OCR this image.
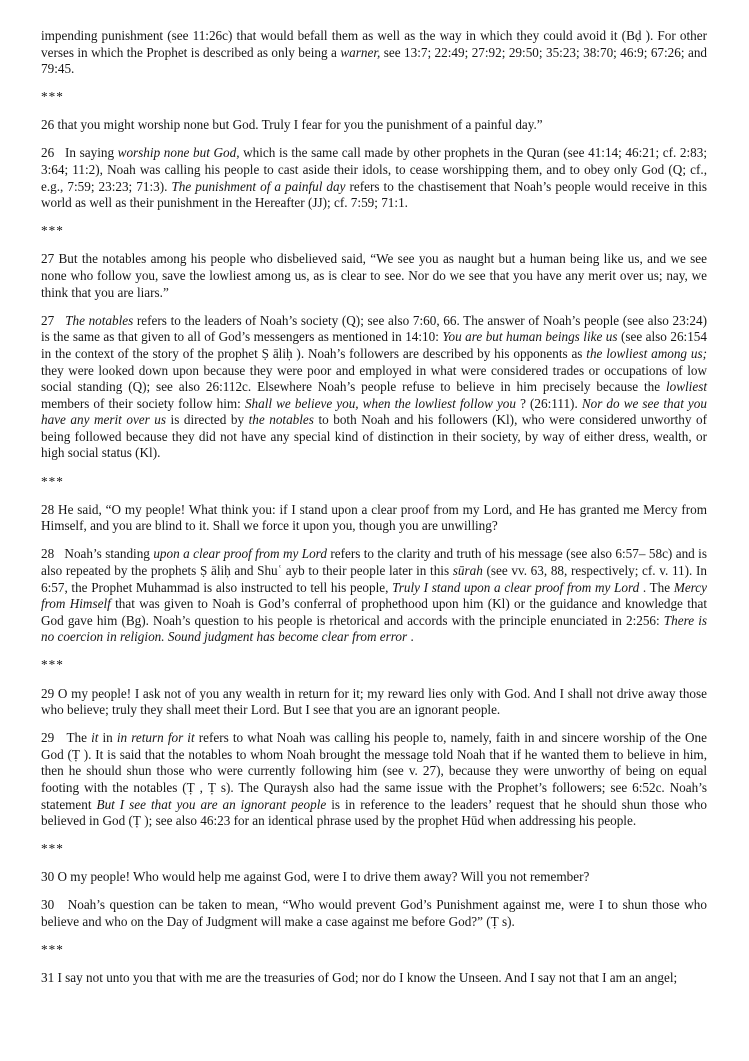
impending punishment (see 11:26c) that would befall them as well as the way in which they could avoid it (Bḍ ). For other verses in which the Prophet is described as only being a warner, see 13:7; 22:49; 27:92; 29:50; 35:23; 38:70; 46:9; 67:26; and 79:45.

***

26 that you might worship none but God. Truly I fear for you the punishment of a painful day.”

26   In saying worship none but God, which is the same call made by other prophets in the Quran (see 41:14; 46:21; cf. 2:83; 3:64; 11:2), Noah was calling his people to cast aside their idols, to cease worshipping them, and to obey only God (Q; cf., e.g., 7:59; 23:23; 71:3). The punishment of a painful day refers to the chastisement that Noah’s people would receive in this world as well as their punishment in the Hereafter (JJ); cf. 7:59; 71:1.

***

27 But the notables among his people who disbelieved said, “We see you as naught but a human being like us, and we see none who follow you, save the lowliest among us, as is clear to see. Nor do we see that you have any merit over us; nay, we think that you are liars.”

27   The notables refers to the leaders of Noah’s society (Q); see also 7:60, 66. The answer of Noah’s people (see also 23:24) is the same as that given to all of God’s messengers as mentioned in 14:10: You are but human beings like us (see also 26:154 in the context of the story of the prophet Ṣ āliḥ ). Noah’s followers are described by his opponents as the lowliest among us; they were looked down upon because they were poor and employed in what were considered trades or occupations of low social standing (Q); see also 26:112c. Elsewhere Noah’s people refuse to believe in him precisely because the lowliest members of their society follow him: Shall we believe you, when the lowliest follow you ? (26:111). Nor do we see that you have any merit over us is directed by the notables to both Noah and his followers (Kl), who were considered unworthy of being followed because they did not have any special kind of distinction in their society, by way of either dress, wealth, or high social status (Kl).

***

28 He said, “O my people! What think you: if I stand upon a clear proof from my Lord, and He has granted me Mercy from Himself, and you are blind to it. Shall we force it upon you, though you are unwilling?

28   Noah’s standing upon a clear proof from my Lord refers to the clarity and truth of his message (see also 6:57– 58c) and is also repeated by the prophets Ṣ āliḥ and Shuʿ ayb to their people later in this sūrah (see vv. 63, 88, respectively; cf. v. 11). In 6:57, the Prophet Muhammad is also instructed to tell his people, Truly I stand upon a clear proof from my Lord . The Mercy from Himself that was given to Noah is God’s conferral of prophethood upon him (Kl) or the guidance and knowledge that God gave him (Bg). Noah’s question to his people is rhetorical and accords with the principle enunciated in 2:256: There is no coercion in religion. Sound judgment has become clear from error .

***

29 O my people! I ask not of you any wealth in return for it; my reward lies only with God. And I shall not drive away those who believe; truly they shall meet their Lord. But I see that you are an ignorant people.

29   The it in in return for it refers to what Noah was calling his people to, namely, faith in and sincere worship of the One God (Ṭ ). It is said that the notables to whom Noah brought the message told Noah that if he wanted them to believe in him, then he should shun those who were currently following him (see v. 27), because they were unworthy of being on equal footing with the notables (Ṭ , Ṭ s). The Quraysh also had the same issue with the Prophet’s followers; see 6:52c. Noah’s statement But I see that you are an ignorant people is in reference to the leaders’ request that he should shun those who believed in God (Ṭ ); see also 46:23 for an identical phrase used by the prophet Hūd when addressing his people.

***

30 O my people! Who would help me against God, were I to drive them away? Will you not remember?

30   Noah’s question can be taken to mean, “Who would prevent God’s Punishment against me, were I to shun those who believe and who on the Day of Judgment will make a case against me before God?” (Ṭ s).

***

31 I say not unto you that with me are the treasuries of God; nor do I know the Unseen. And I say not that I am an angel;
